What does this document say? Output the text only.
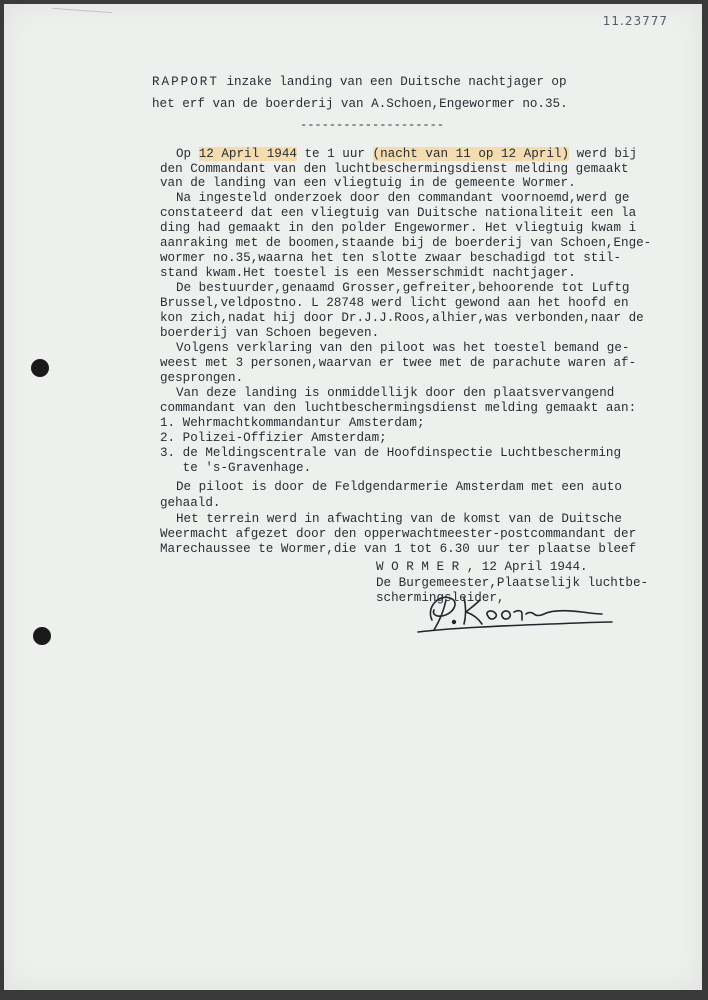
11.23777

RAPPORT inzake landing van een Duitsche nachtjager op

het erf van de boerderij van A.Schoen,Engewormer no.35.

--------------------

Op 12 April 1944 te 1 uur (nacht van 11 op 12 April) werd bij

den Commandant van den luchtbeschermingsdienst melding gemaakt

van de landing van een vliegtuig in de gemeente Wormer.

Na ingesteld onderzoek door den commandant voornoemd,werd ge

constateerd dat een vliegtuig van Duitsche nationaliteit een la

ding had gemaakt in den polder Engewormer. Het vliegtuig kwam i

aanraking met de boomen,staande bij de boerderij van Schoen,Enge-

wormer no.35,waarna het ten slotte zwaar beschadigd tot stil-

stand kwam.Het toestel is een Messerschmidt nachtjager.

De bestuurder,genaamd Grosser,gefreiter,behoorende tot Luftg

Brussel,veldpostno. L 28748 werd licht gewond aan het hoofd en

kon zich,nadat hij door Dr.J.J.Roos,alhier,was verbonden,naar de

boerderij van Schoen begeven.

Volgens verklaring van den piloot was het toestel bemand ge-

weest met 3 personen,waarvan er twee met de parachute waren af-

gesprongen.

Van deze landing is onmiddellijk door den plaatsvervangend

commandant van den luchtbeschermingsdienst melding gemaakt aan:

1. Wehrmachtkommandantur Amsterdam;

2. Polizei-Offizier Amsterdam;

3. de Meldingscentrale van de Hoofdinspectie Luchtbescherming

te 's-Gravenhage.

De piloot is door de Feldgendarmerie Amsterdam met een auto

gehaald.

Het terrein werd in afwachting van de komst van de Duitsche

Weermacht afgezet door den opperwachtmeester-postcommandant der

Marechaussee te Wormer,die van 1 tot 6.30 uur ter plaatse bleef

W O R M E R , 12 April 1944.

De Burgemeester,Plaatselijk luchtbe-

schermingsleider,
